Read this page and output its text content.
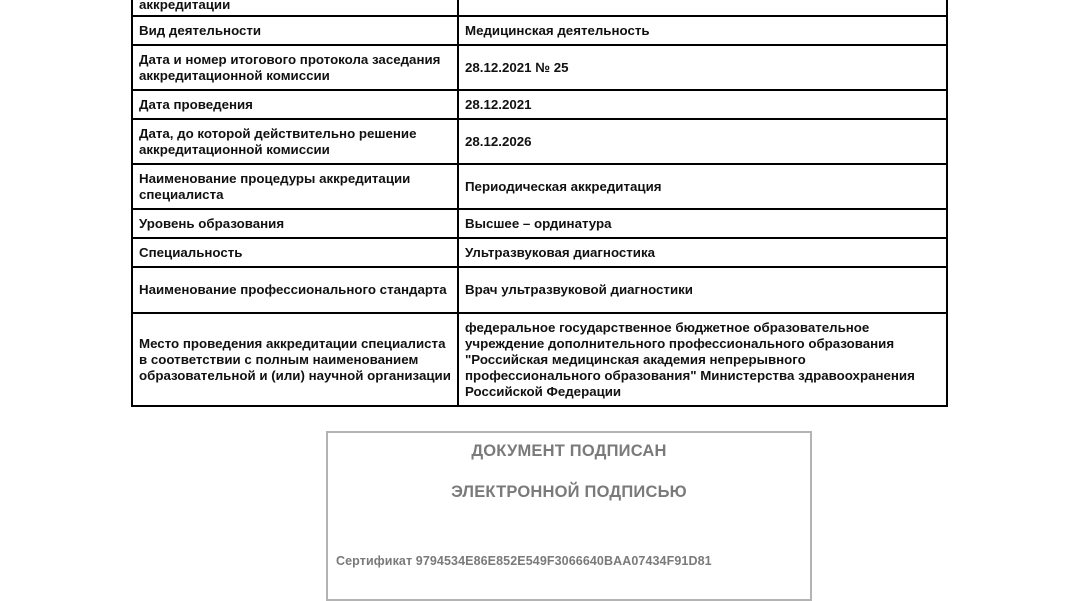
аккредитации	
Вид деятельности	Медицинская деятельность
Дата и номер итогового протокола заседания аккредитационной комиссии	28.12.2021 № 25
Дата проведения	28.12.2021
Дата, до которой действительно решение аккредитационной комиссии	28.12.2026
Наименование процедуры аккредитации специалиста	Периодическая аккредитация
Уровень образования	Высшее – ординатура
Специальность	Ультразвуковая диагностика
Наименование профессионального стандарта	Врач ультразвуковой диагностики
Место проведения аккредитации специалиста в соответствии с полным наименованием образовательной и (или) научной организации	федеральное государственное бюджетное образовательное учреждение дополнительного профессионального образования "Российская медицинская академия непрерывного профессионального образования" Министерства здравоохранения Российской Федерации
ДОКУМЕНТ ПОДПИСАН
ЭЛЕКТРОННОЙ ПОДПИСЬЮ
Сертификат 9794534E86E852E549F3066640BAA07434F91D81
